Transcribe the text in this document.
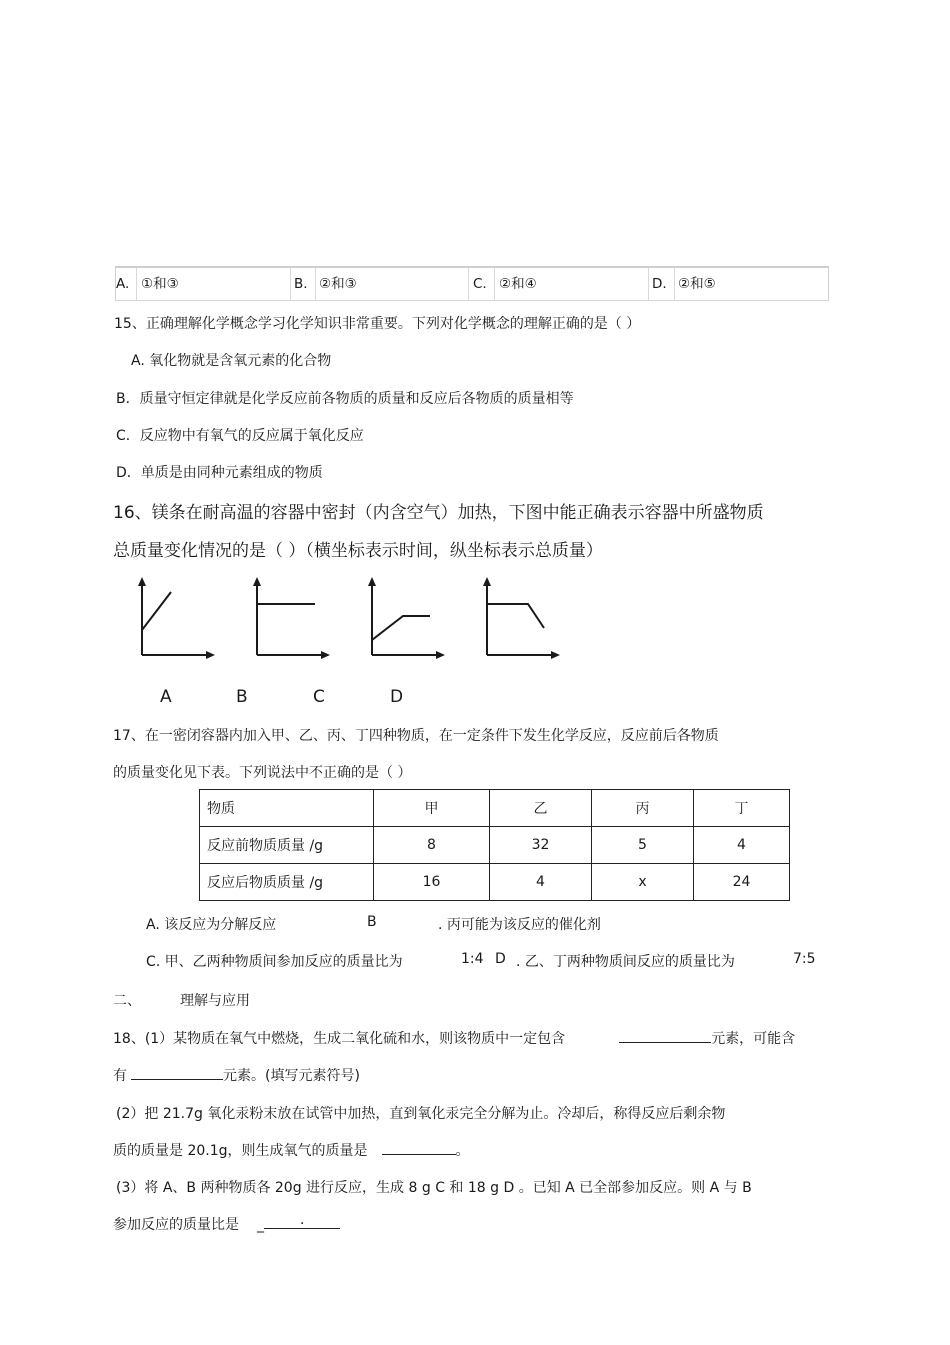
A. ①和③	B. ②和③	C. ②和④	D. ②和⑤
15、正确理解化学概念学习化学知识非常重要。下列对化学概念的理解正确的是（ ）
A. 氧化物就是含氧元素的化合物
B．质量守恒定律就是化学反应前各物质的质量和反应后各物质的质量相等
C．反应物中有氧气的反应属于氧化反应
D．单质是由同种元素组成的物质
16、镁条在耐高温的容器中密封（内含空气）加热，下图中能正确表示容器中所盛物质
总质量变化情况的是（ ）（横坐标表示时间，纵坐标表示总质量）
A	B	C	D
17、在一密闭容器内加入甲、乙、丙、丁四种物质，在一定条件下发生化学反应，反应前后各物质
的质量变化见下表。下列说法中不正确的是（ ）
物质	甲	乙	丙	丁
反应前物质质量 /g	8	32	5	4
反应后物质质量 /g	16	4	x	24
A. 该反应为分解反应	B	. 丙可能为该反应的催化剂
C. 甲、乙两种物质间参加反应的质量比为	1:4 D . 乙、丁两种物质间反应的质量比为	7:5
二、	理解与应用
18、(1）某物质在氧气中燃烧，生成二氧化硫和水，则该物质中一定包含	元素，可能含
有	元素。(填写元素符号)
(2）把 21.7g 氧化汞粉末放在试管中加热，直到氧化汞完全分解为止。冷却后，称得反应后剩余物
质的质量是 20.1g，则生成氧气的质量是	。
(3）将 A、B 两种物质各 20g 进行反应，生成 8 g C 和 18 g D 。已知 A 已全部参加反应。则 A 与 B
参加反应的质量比是 _	.
